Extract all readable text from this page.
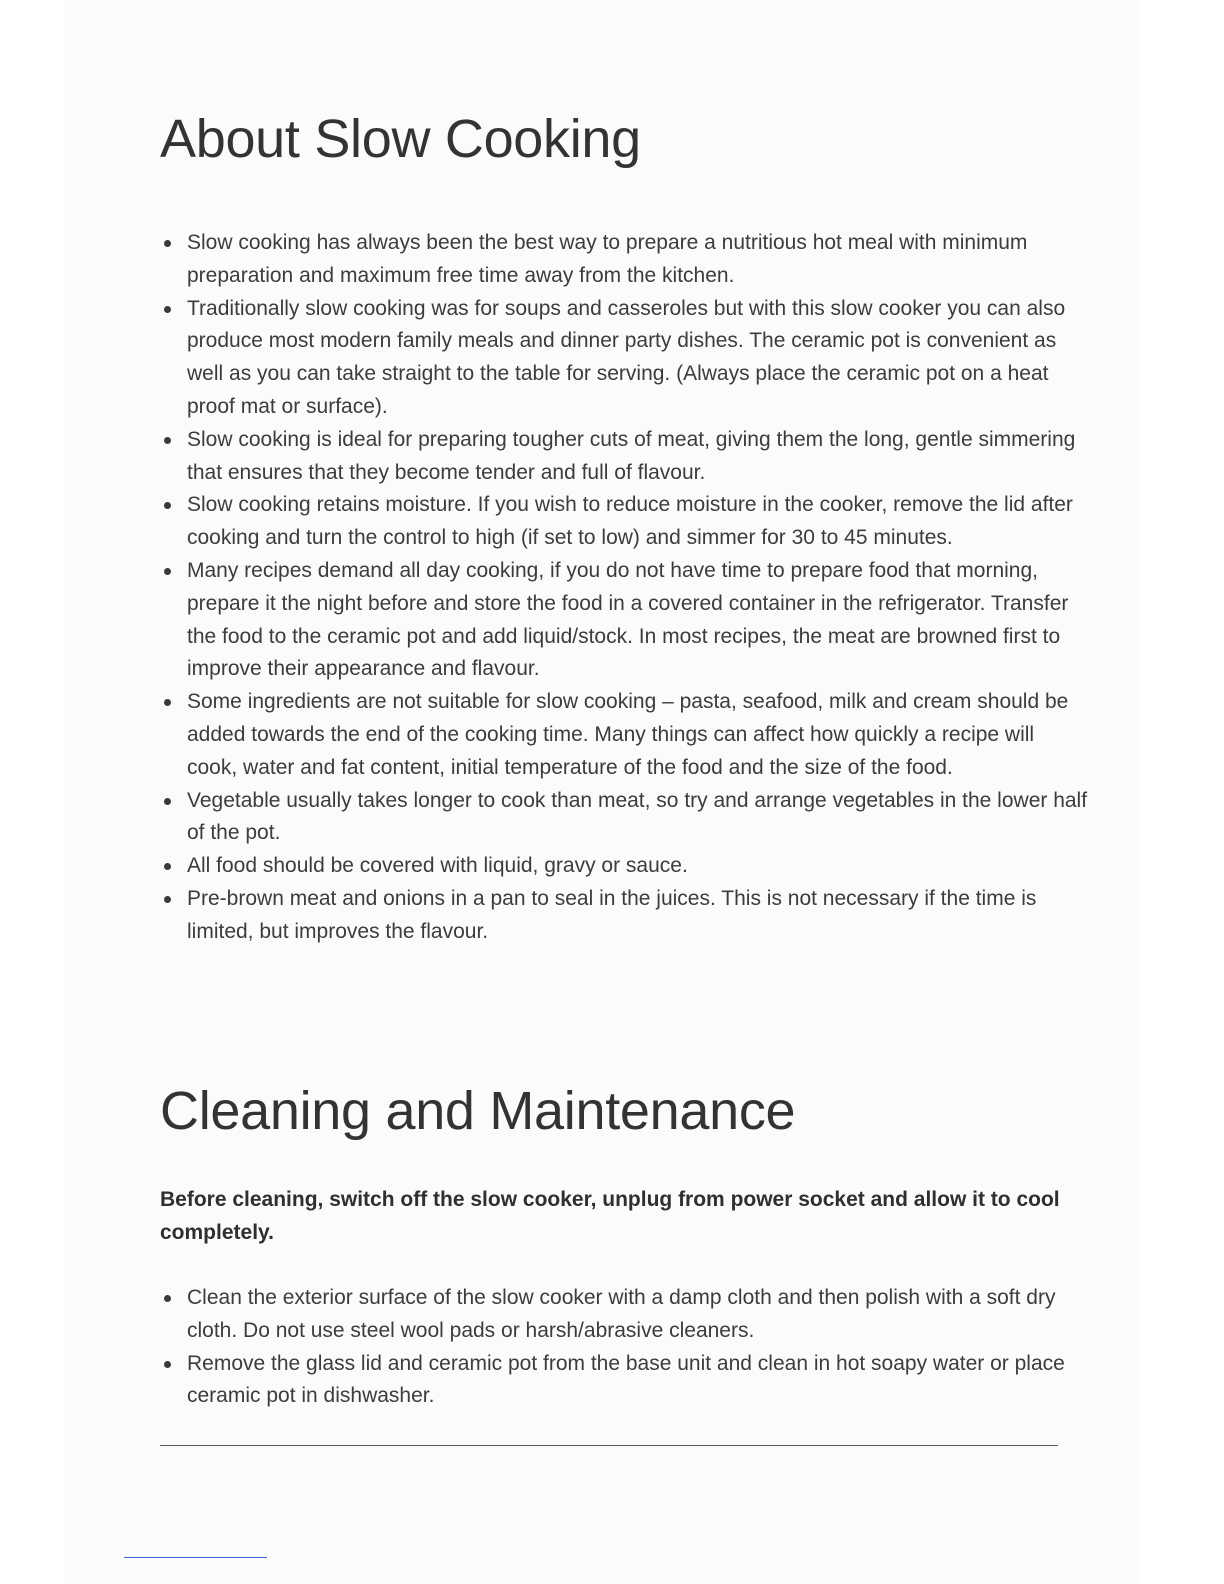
About Slow Cooking
Slow cooking has always been the best way to prepare a nutritious hot meal with minimum preparation and maximum free time away from the kitchen.
Traditionally slow cooking was for soups and casseroles but with this slow cooker you can also produce most modern family meals and dinner party dishes. The ceramic pot is convenient as well as you can take straight to the table for serving. (Always place the ceramic pot on a heat proof mat or surface).
Slow cooking is ideal for preparing tougher cuts of meat, giving them the long, gentle simmering that ensures that they become tender and full of flavour.
Slow cooking retains moisture. If you wish to reduce moisture in the cooker, remove the lid after cooking and turn the control to high (if set to low) and simmer for 30 to 45 minutes.
Many recipes demand all day cooking, if you do not have time to prepare food that morning, prepare it the night before and store the food in a covered container in the refrigerator. Transfer the food to the ceramic pot and add liquid/stock. In most recipes, the meat are browned first to improve their appearance and flavour.
Some ingredients are not suitable for slow cooking – pasta, seafood, milk and cream should be added towards the end of the cooking time. Many things can affect how quickly a recipe will cook, water and fat content, initial temperature of the food and the size of the food.
Vegetable usually takes longer to cook than meat, so try and arrange vegetables in the lower half of the pot.
All food should be covered with liquid, gravy or sauce.
Pre-brown meat and onions in a pan to seal in the juices. This is not necessary if the time is limited, but improves the flavour.
Cleaning and Maintenance

Before cleaning, switch off the slow cooker, unplug from power socket and allow it to cool completely.

Clean the exterior surface of the slow cooker with a damp cloth and then polish with a soft dry cloth. Do not use steel wool pads or harsh/abrasive cleaners.
Remove the glass lid and ceramic pot from the base unit and clean in hot soapy water or place ceramic pot in dishwasher.
